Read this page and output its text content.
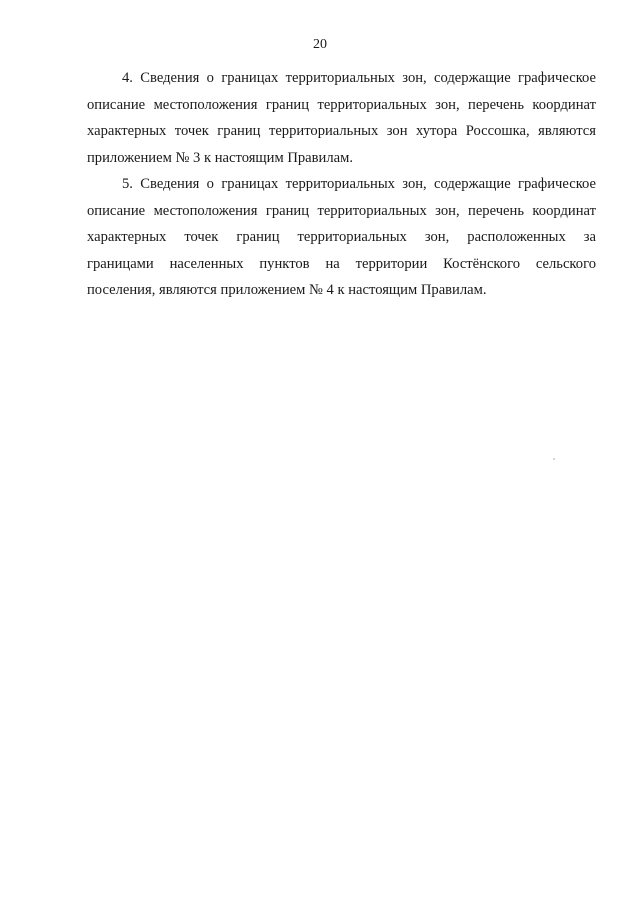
20

4. Сведения о границах территориальных зон, содержащие графическое
описание местоположения границ территориальных зон, перечень координат
характерных точек границ территориальных зон хутора Россошка, являются
приложением № 3 к настоящим Правилам.

5. Сведения о границах территориальных зон, содержащие графическое
описание местоположения границ территориальных зон, перечень координат
характерных точек границ территориальных зон, расположенных за
границами населенных пунктов на территории Костёнского сельского
поселения, являются приложением № 4 к настоящим Правилам.
